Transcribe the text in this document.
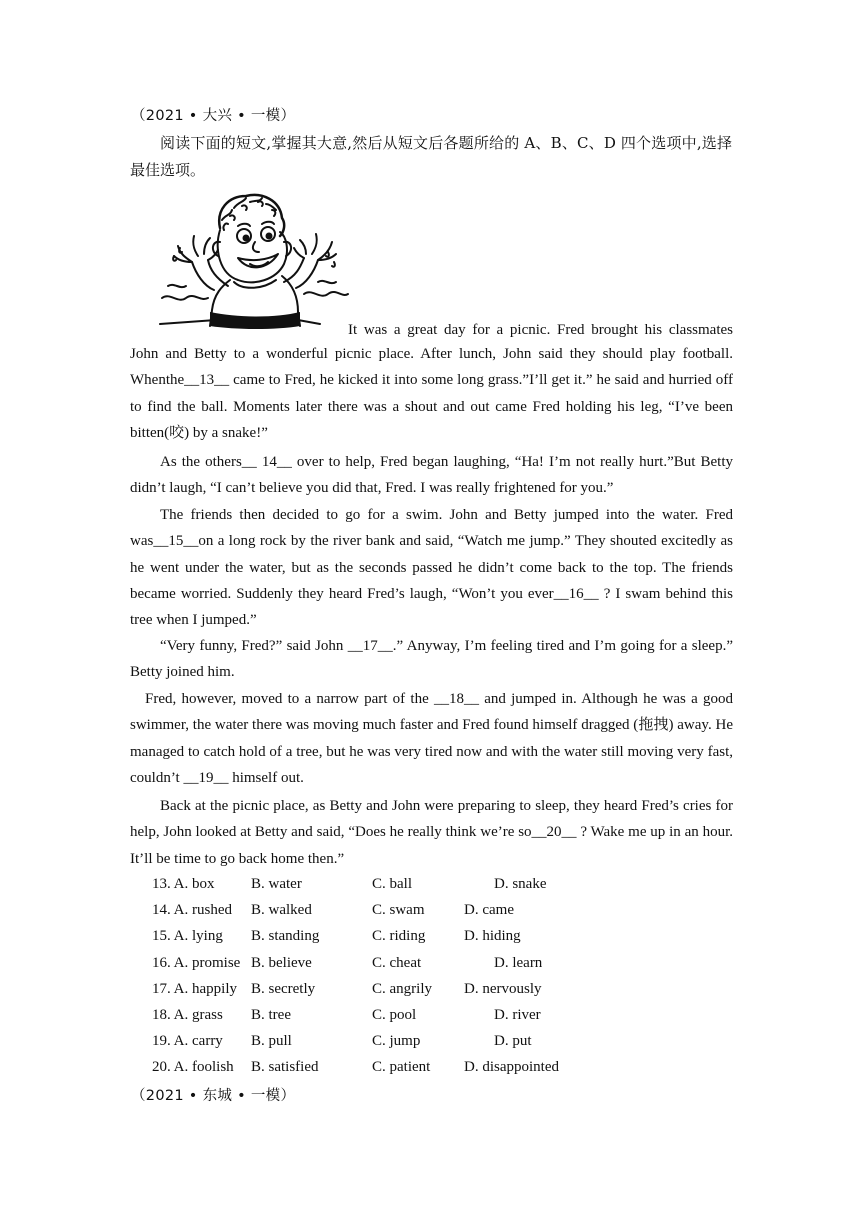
（2021 • 大兴 • 一模）
阅读下面的短文,掌握其大意,然后从短文后各题所给的 A、B、C、D 四个选项中,选择最佳选项。
It was a great day for a picnic. Fred brought his classmates

John and Betty to a wonderful picnic place. After lunch, John said they should play football. Whenthe__13__ came to Fred, he kicked it into some long grass.”I’ll get it.” he said and hurried off to find the ball. Moments later there was a shout and out came Fred holding his leg, “I’ve been bitten(咬) by a snake!”

As the others__ 14__ over to help, Fred began laughing, “Ha! I’m not really hurt.”But Betty didn’t laugh, “I can’t believe you did that, Fred. I was really frightened for you.”

The friends then decided to go for a swim. John and Betty jumped into the water. Fred was__15__on a long rock by the river bank and said, “Watch me jump.” They shouted excitedly as he went under the water, but as the seconds passed he didn’t come back to the top. The friends became worried. Suddenly they heard Fred’s laugh, “Won’t you ever__16__ ? I swam behind this tree when I jumped.”

“Very funny, Fred?” said John __17__.” Anyway, I’m feeling tired and I’m going for a sleep.” Betty joined him.

Fred, however, moved to a narrow part of the __18__ and jumped in. Although he was a good swimmer, the water there was moving much faster and Fred found himself dragged (拖拽) away. He managed to catch hold of a tree, but he was very tired now and with the water still moving very fast, couldn’t __19__ himself out.

Back at the picnic place, as Betty and John were preparing to sleep, they heard Fred’s cries for help, John looked at Betty and said, “Does he really think we’re so__20__ ? Wake me up in an hour. It’ll be time to go back home then.”

13. A. box B. water	C. ball	D. snake
14. A. rushed B. walked	C. swam	D. came
15. A. lying B. standing	C. riding	D. hiding
16. A. promise B. believe	C. cheat	D. learn
17. A. happily B. secretly	C. angrily D. nervously
18. A. grass B. tree	C. pool	D. river
19. A. carry B. pull	C. jump	D. put
20. A. foolish B. satisfied	C. patient D. disappointed
（2021 • 东城 • 一模）
